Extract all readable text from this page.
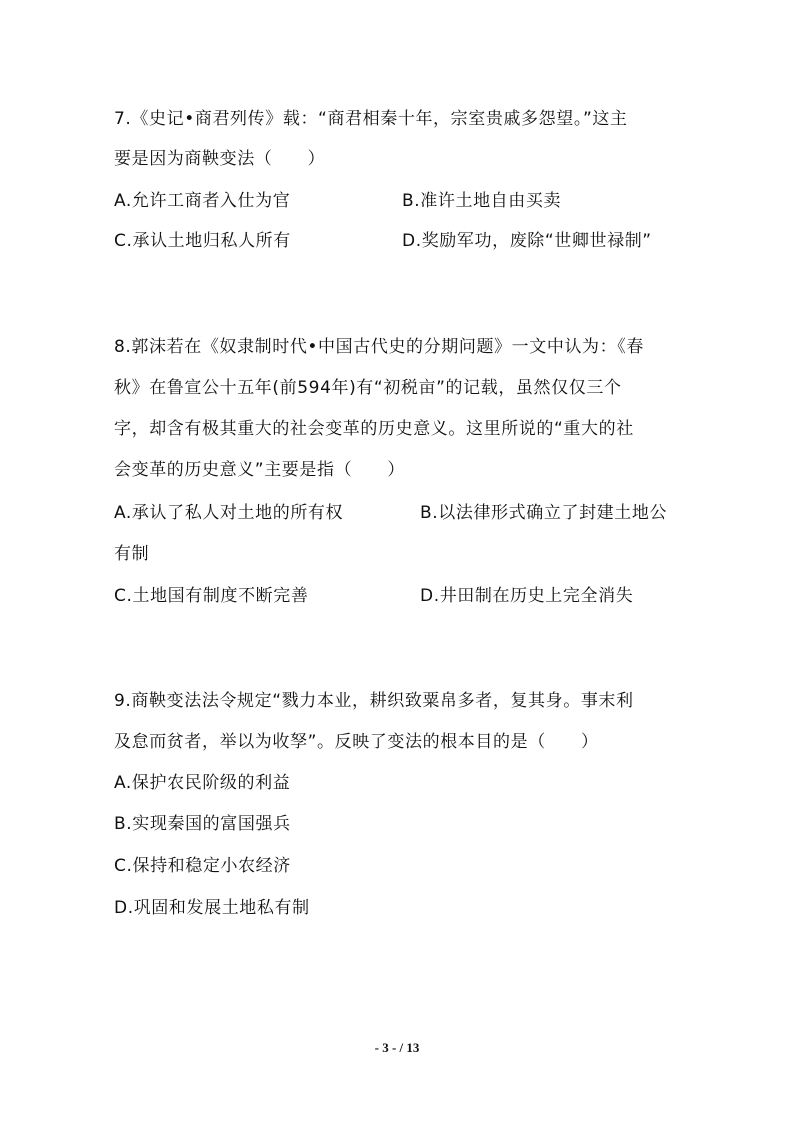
7.《史记•商君列传》载：“商君相秦十年，宗室贵戚多怨望。”这主
要是因为商鞅变法（　　）
A.允许工商者入仕为官	B.准许土地自由买卖
C.承认土地归私人所有	D.奖励军功，废除“世卿世禄制”
8.郭沫若在《奴隶制时代•中国古代史的分期问题》一文中认为：《春
秋》在鲁宣公十五年(前594年)有“初税亩”的记载，虽然仅仅三个
字，却含有极其重大的社会变革的历史意义。这里所说的“重大的社
会变革的历史意义”主要是指（　　）
A.承认了私人对土地的所有权	B.以法律形式确立了封建土地公
有制
C.土地国有制度不断完善	D.井田制在历史上完全消失
9.商鞅变法法令规定“戮力本业，耕织致粟帛多者，复其身。事末利
及怠而贫者，举以为收孥”。反映了变法的根本目的是（　　）
A.保护农民阶级的利益
B.实现秦国的富国强兵
C.保持和稳定小农经济
D.巩固和发展土地私有制
- 3 - / 13
